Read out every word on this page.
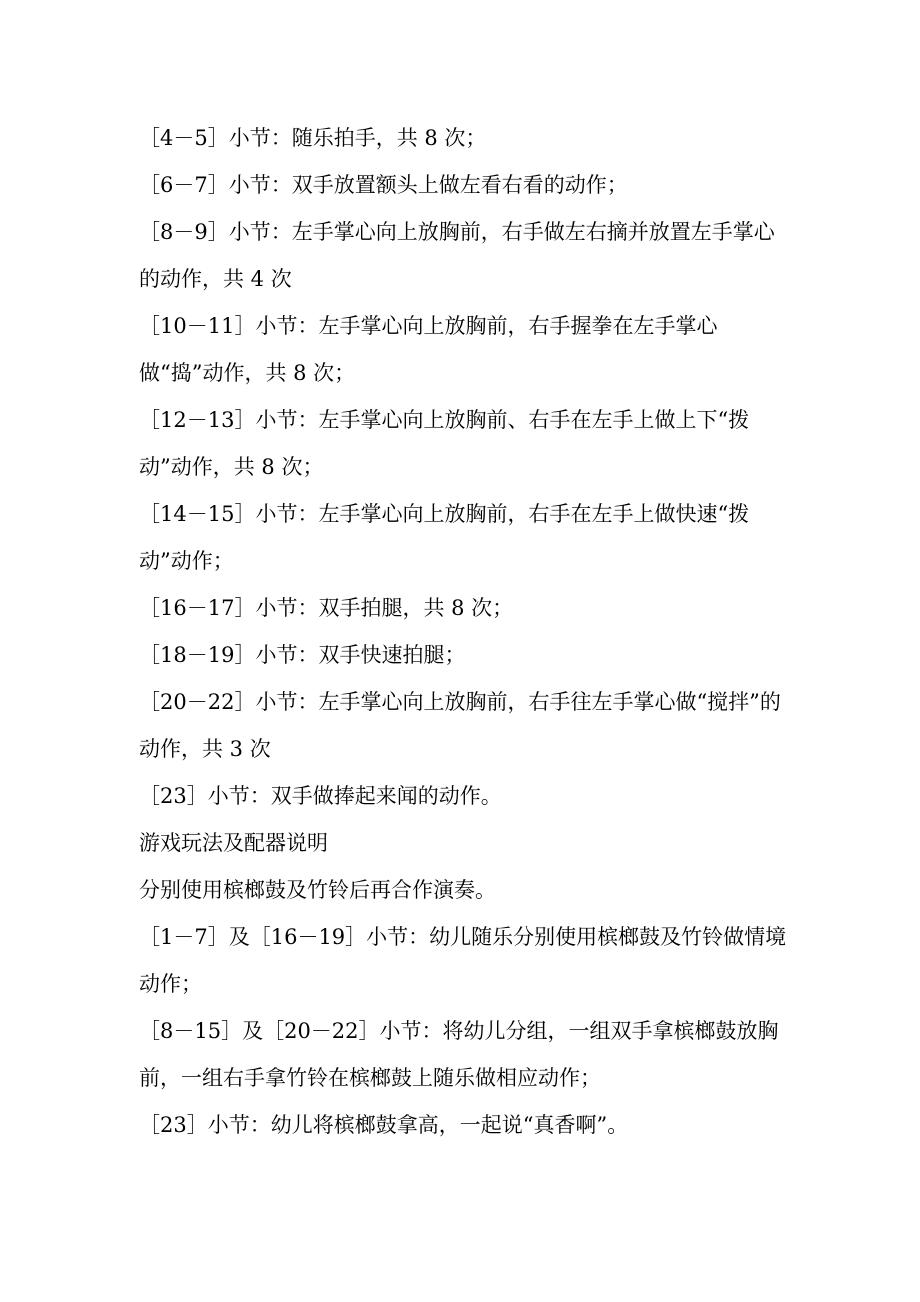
［4－5］小节：随乐拍手，共 8 次；

［6－7］小节：双手放置额头上做左看右看的动作；

［8－9］小节：左手掌心向上放胸前，右手做左右摘并放置左手掌心的动作，共 4 次

［10－11］小节：左手掌心向上放胸前，右手握拳在左手掌心做“捣”动作，共 8 次；

［12－13］小节：左手掌心向上放胸前、右手在左手上做上下“拨动”动作，共 8 次；

［14－15］小节：左手掌心向上放胸前，右手在左手上做快速“拨动”动作；

［16－17］小节：双手拍腿，共 8 次；

［18－19］小节：双手快速拍腿；

［20－22］小节：左手掌心向上放胸前，右手往左手掌心做“搅拌”的动作，共 3 次

［23］小节：双手做捧起来闻的动作。

游戏玩法及配器说明

分别使用槟榔鼓及竹铃后再合作演奏。

［1－7］及［16－19］小节：幼儿随乐分别使用槟榔鼓及竹铃做情境动作；

［8－15］及［20－22］小节：将幼儿分组，一组双手拿槟榔鼓放胸前，一组右手拿竹铃在槟榔鼓上随乐做相应动作；

［23］小节：幼儿将槟榔鼓拿高，一起说“真香啊”。
